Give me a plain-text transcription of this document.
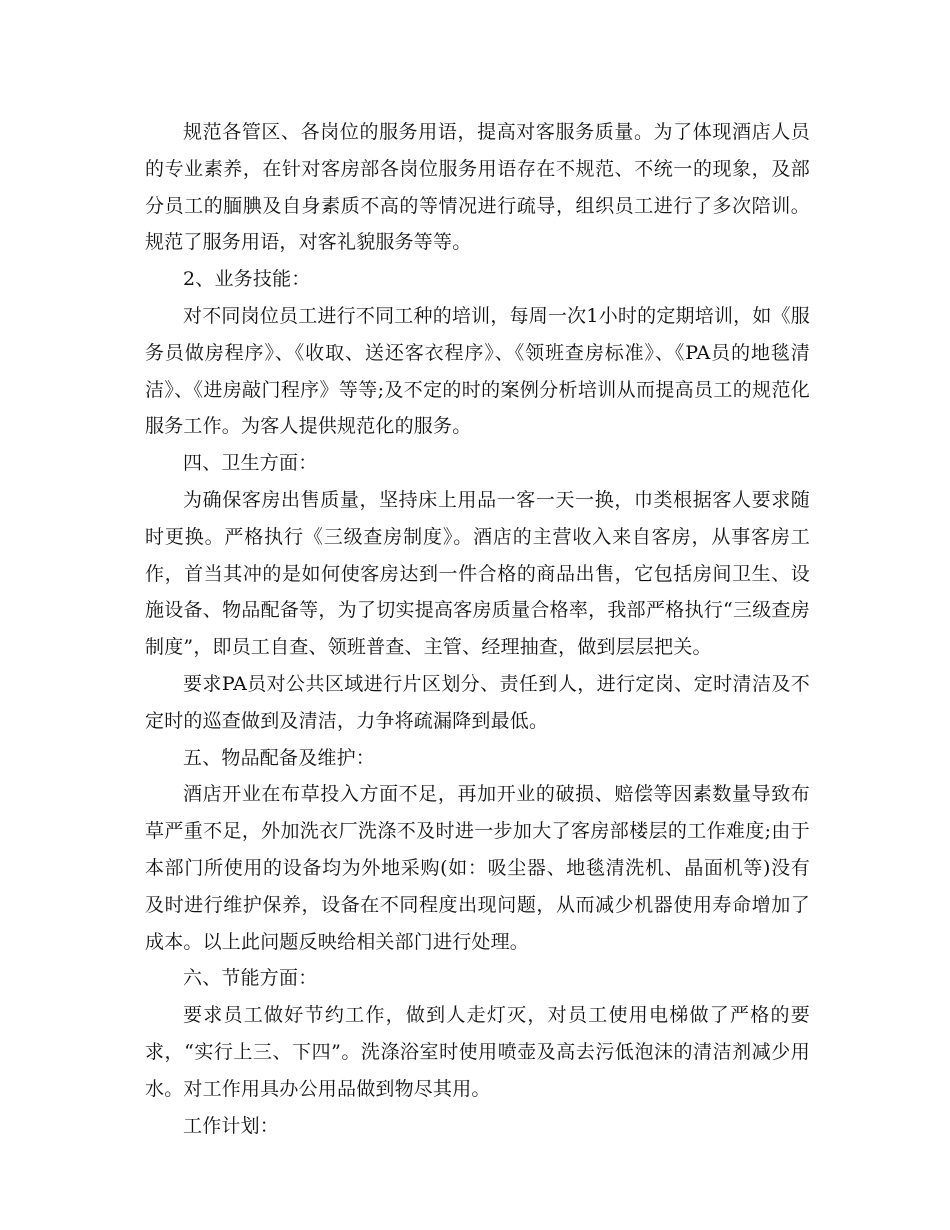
规范各管区、各岗位的服务用语，提高对客服务质量。为了体现酒店人员的专业素养，在针对客房部各岗位服务用语存在不规范、不统一的现象，及部分员工的腼腆及自身素质不高的等情况进行疏导，组织员工进行了多次陪训。规范了服务用语，对客礼貌服务等等。

2、业务技能：

对不同岗位员工进行不同工种的培训，每周一次1小时的定期培训，如《服务员做房程序》、《收取、送还客衣程序》、《领班查房标准》、《PA员的地毯清洁》、《进房敲门程序》等等;及不定的时的案例分析培训从而提高员工的规范化服务工作。为客人提供规范化的服务。

四、卫生方面：

为确保客房出售质量，坚持床上用品一客一天一换，巾类根据客人要求随时更换。严格执行《三级查房制度》。酒店的主营收入来自客房，从事客房工作，首当其冲的是如何使客房达到一件合格的商品出售，它包括房间卫生、设施设备、物品配备等，为了切实提高客房质量合格率，我部严格执行“三级查房制度”，即员工自查、领班普查、主管、经理抽查，做到层层把关。

要求PA员对公共区域进行片区划分、责任到人，进行定岗、定时清洁及不定时的巡查做到及清洁，力争将疏漏降到最低。

五、物品配备及维护：

酒店开业在布草投入方面不足，再加开业的破损、赔偿等因素数量导致布草严重不足，外加洗衣厂洗涤不及时进一步加大了客房部楼层的工作难度;由于本部门所使用的设备均为外地采购(如：吸尘器、地毯清洗机、晶面机等)没有及时进行维护保养，设备在不同程度出现问题，从而减少机器使用寿命增加了成本。以上此问题反映给相关部门进行处理。

六、节能方面：

要求员工做好节约工作，做到人走灯灭，对员工使用电梯做了严格的要求，“实行上三、下四”。洗涤浴室时使用喷壶及高去污低泡沫的清洁剂减少用水。对工作用具办公用品做到物尽其用。

工作计划：
